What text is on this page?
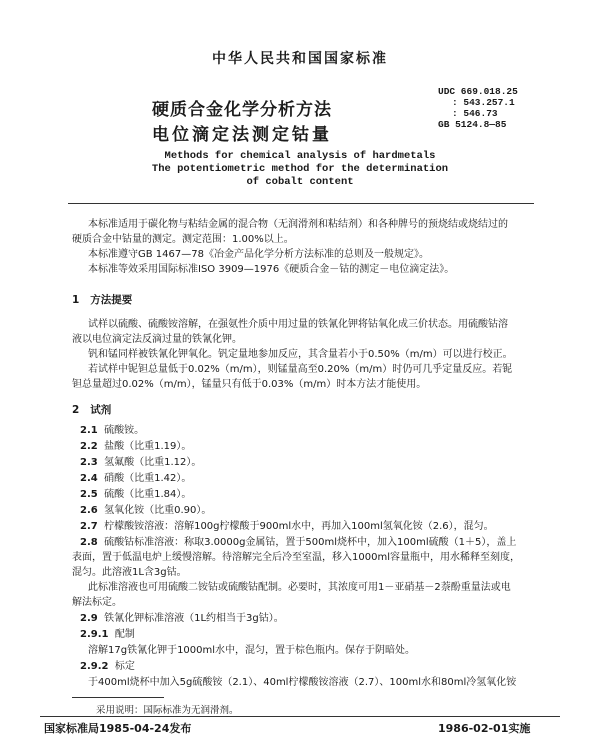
中华人民共和国国家标准
UDC 669.018.25
: 543.257.1
: 546.73
GB 5124.8—85
硬质合金化学分析方法
电位滴定法测定钴量
Methods for chemical analysis of hardmetals
The potentiometric method for the determination
of cobalt content
本标准适用于碳化物与粘结金属的混合物（无润滑剂和粘结剂）和各种牌号的预烧结或烧结过的
硬质合金中钴量的测定。测定范围：1.00%以上。
本标准遵守GB 1467—78《冶金产品化学分析方法标准的总则及一般规定》。
本标准等效采用国际标准ISO 3909—1976《硬质合金－钴的测定－电位滴定法》。
1 方法提要
试样以硫酸、硫酸铵溶解，在强氨性介质中用过量的铁氰化钾将钴氧化成三价状态。用硫酸钴溶
液以电位滴定法反滴过量的铁氰化钾。
钒和锰同样被铁氰化钾氧化。钒定量地参加反应，其含量若小于0.50%（m/m）可以进行校正。
若试样中铌钽总量低于0.02%（m/m），则锰量高至0.20%（m/m）时仍可几乎定量反应。若铌
钽总量超过0.02%（m/m），锰量只有低于0.03%（m/m）时本方法才能使用。
2 试剂
2.1 硫酸铵。
2.2 盐酸（比重1.19）。
2.3 氢氟酸（比重1.12）。
2.4 硝酸（比重1.42）。
2.5 硫酸（比重1.84）。
2.6 氢氧化铵（比重0.90）。
2.7 柠檬酸铵溶液：溶解100g柠檬酸于900ml水中，再加入100ml氢氧化铵（2.6），混匀。
2.8 硫酸钴标准溶液：称取3.0000g金属钴，置于500ml烧杯中，加入100ml硫酸（1＋5），盖上
表面，置于低温电炉上缓慢溶解。待溶解完全后冷至室温，移入1000ml容量瓶中，用水稀释至刻度，
混匀。此溶液1L含3g钴。
此标准溶液也可用硫酸二铵钴或硫酸钴配制。必要时，其浓度可用1－亚硝基－2萘酚重量法或电
解法标定。
2.9 铁氰化钾标准溶液（1L约相当于3g钴）。
2.9.1 配制
溶解17g铁氰化钾于1000ml水中，混匀，置于棕色瓶内。保存于阴暗处。
2.9.2 标定
于400ml烧杯中加入5g硫酸铵（2.1）、40ml柠檬酸铵溶液（2.7）、100ml水和80ml冷氢氧化铵
采用说明：国际标准为无润滑剂。
国家标准局1985-04-24发布	1986-02-01实施
